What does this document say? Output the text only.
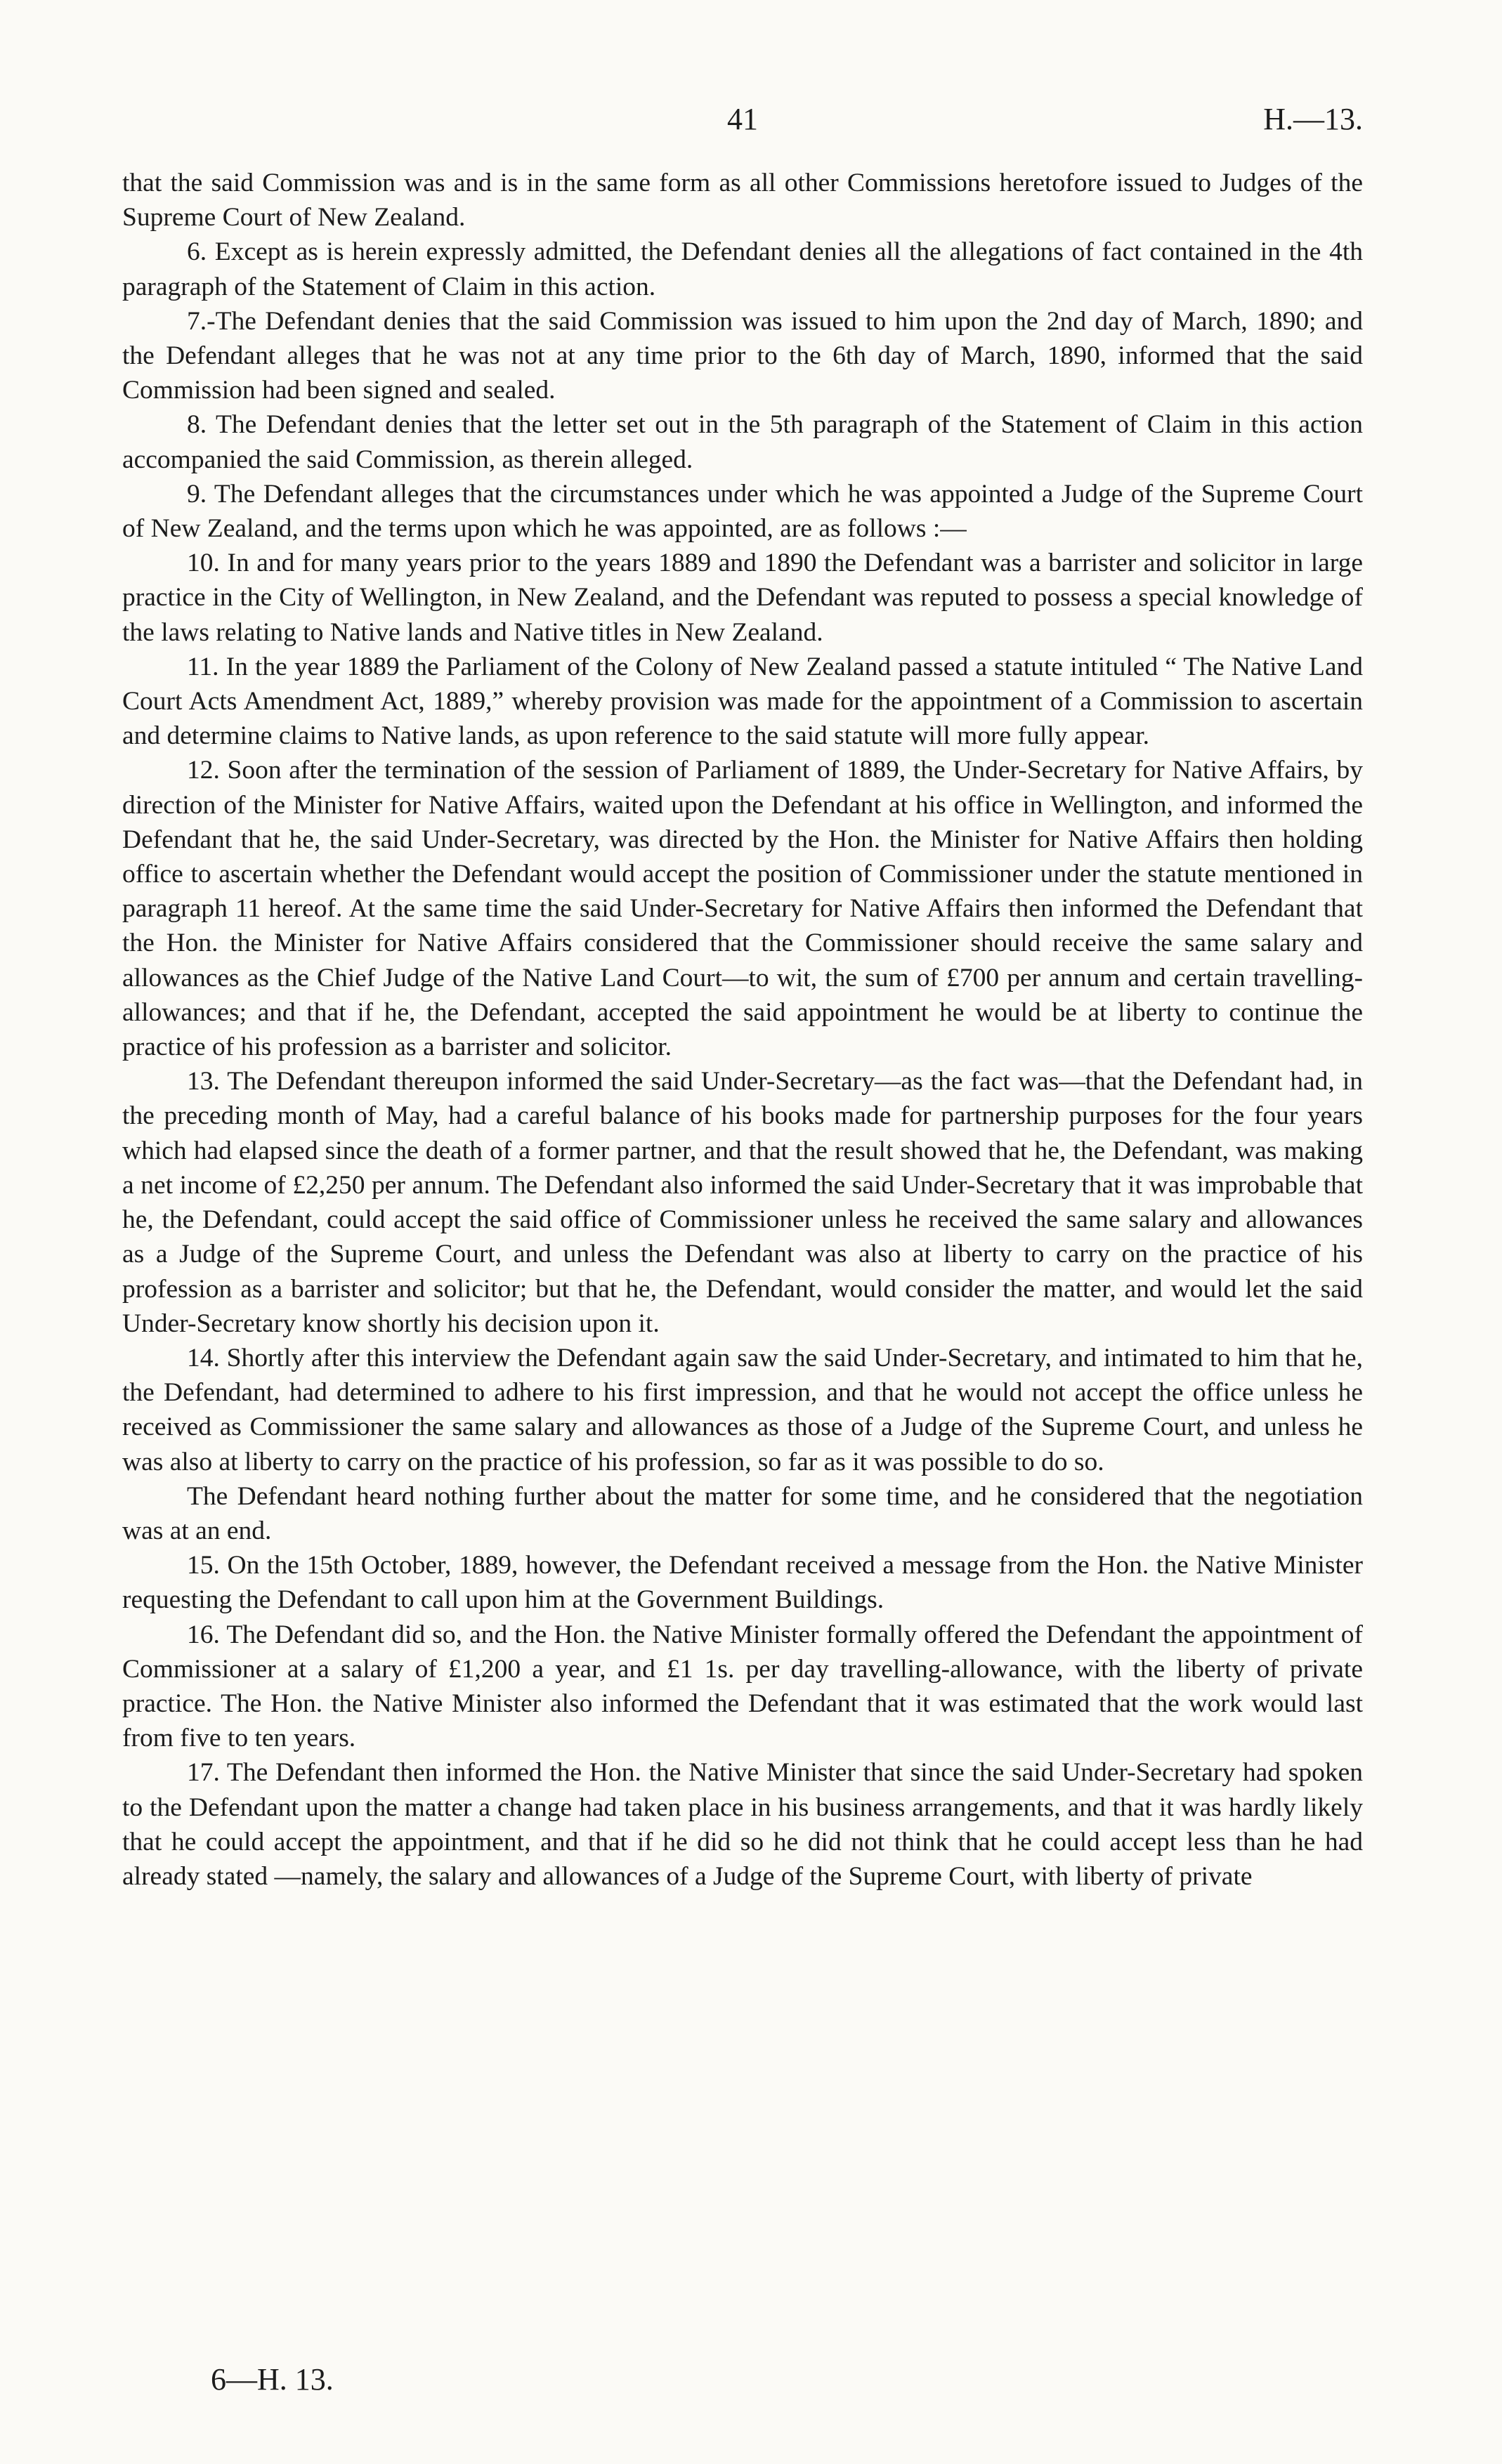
41	H.—13.

that the said Commission was and is in the same form as all other Commissions heretofore issued to Judges of the Supreme Court of New Zealand.

6. Except as is herein expressly admitted, the Defendant denies all the allegations of fact contained in the 4th paragraph of the Statement of Claim in this action.

7.-The Defendant denies that the said Commission was issued to him upon the 2nd day of March, 1890; and the Defendant alleges that he was not at any time prior to the 6th day of March, 1890, informed that the said Commission had been signed and sealed.

8. The Defendant denies that the letter set out in the 5th paragraph of the Statement of Claim in this action accompanied the said Commission, as therein alleged.

9. The Defendant alleges that the circumstances under which he was appointed a Judge of the Supreme Court of New Zealand, and the terms upon which he was appointed, are as follows :—

10. In and for many years prior to the years 1889 and 1890 the Defendant was a barrister and solicitor in large practice in the City of Wellington, in New Zealand, and the Defendant was reputed to possess a special knowledge of the laws relating to Native lands and Native titles in New Zealand.

11. In the year 1889 the Parliament of the Colony of New Zealand passed a statute intituled “ The Native Land Court Acts Amendment Act, 1889,” whereby provision was made for the appointment of a Commission to ascertain and determine claims to Native lands, as upon reference to the said statute will more fully appear.

12. Soon after the termination of the session of Parliament of 1889, the Under-Secretary for Native Affairs, by direction of the Minister for Native Affairs, waited upon the Defendant at his office in Wellington, and informed the Defendant that he, the said Under-Secretary, was directed by the Hon. the Minister for Native Affairs then holding office to ascertain whether the Defendant would accept the position of Commissioner under the statute mentioned in paragraph 11 hereof. At the same time the said Under-Secretary for Native Affairs then informed the Defendant that the Hon. the Minister for Native Affairs considered that the Commissioner should receive the same salary and allowances as the Chief Judge of the Native Land Court—to wit, the sum of £700 per annum and certain travelling-allowances; and that if he, the Defendant, accepted the said appointment he would be at liberty to continue the practice of his profession as a barrister and solicitor.

13. The Defendant thereupon informed the said Under-Secretary—as the fact was—that the Defendant had, in the preceding month of May, had a careful balance of his books made for partnership purposes for the four years which had elapsed since the death of a former partner, and that the result showed that he, the Defendant, was making a net income of £2,250 per annum. The Defendant also informed the said Under-Secretary that it was improbable that he, the Defendant, could accept the said office of Commissioner unless he received the same salary and allowances as a Judge of the Supreme Court, and unless the Defendant was also at liberty to carry on the practice of his profession as a barrister and solicitor; but that he, the Defendant, would consider the matter, and would let the said Under-Secretary know shortly his decision upon it.

14. Shortly after this interview the Defendant again saw the said Under-Secretary, and intimated to him that he, the Defendant, had determined to adhere to his first impression, and that he would not accept the office unless he received as Commissioner the same salary and allowances as those of a Judge of the Supreme Court, and unless he was also at liberty to carry on the practice of his profession, so far as it was possible to do so.

The Defendant heard nothing further about the matter for some time, and he considered that the negotiation was at an end.

15. On the 15th October, 1889, however, the Defendant received a message from the Hon. the Native Minister requesting the Defendant to call upon him at the Government Buildings.

16. The Defendant did so, and the Hon. the Native Minister formally offered the Defendant the appointment of Commissioner at a salary of £1,200 a year, and £1 1s. per day travelling-allowance, with the liberty of private practice. The Hon. the Native Minister also informed the Defendant that it was estimated that the work would last from five to ten years.

17. The Defendant then informed the Hon. the Native Minister that since the said Under-Secretary had spoken to the Defendant upon the matter a change had taken place in his business arrangements, and that it was hardly likely that he could accept the appointment, and that if he did so he did not think that he could accept less than he had already stated —namely, the salary and allowances of a Judge of the Supreme Court, with liberty of private

6—H. 13.
